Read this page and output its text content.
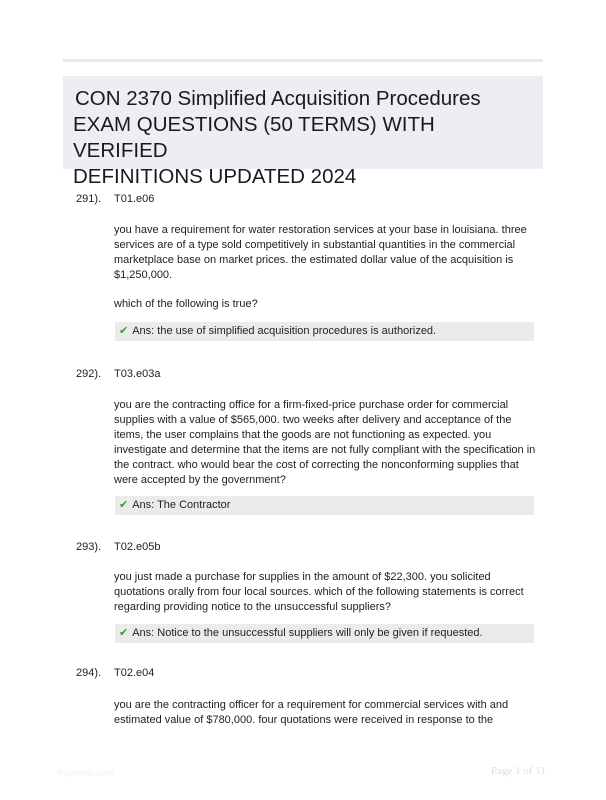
CON 2370 Simplified Acquisition Procedures
EXAM QUESTIONS (50 TERMS) WITH VERIFIED
DEFINITIONS UPDATED 2024
291). T01.e06
you have a requirement for water restoration services at your base in louisiana. three services are of a type sold competitively in substantial quantities in the commercial marketplace base on market prices. the estimated dollar value of the acquisition is $1,250,000.
which of the following is true?
✔ Ans: the use of simplified acquisition procedures is authorized.
292). T03.e03a
you are the contracting office for a firm-fixed-price purchase order for commercial supplies with a value of $565,000. two weeks after delivery and acceptance of the items, the user complains that the goods are not functioning as expected. you investigate and determine that the items are not fully compliant with the specification in the contract. who would bear the cost of correcting the nonconforming supplies that were accepted by the government?
✔ Ans: The Contractor
293). T02.e05b
you just made a purchase for supplies in the amount of $22,300. you solicited quotations orally from four local sources. which of the following statements is correct regarding providing notice to the unsuccessful suppliers?
✔ Ans: Notice to the unsuccessful suppliers will only be given if requested.
294). T02.e04
you are the contracting officer for a requirement for commercial services with and estimated value of $780,000. four quotations were received in response to the
Paperttlic.com	Page 1 of 11
